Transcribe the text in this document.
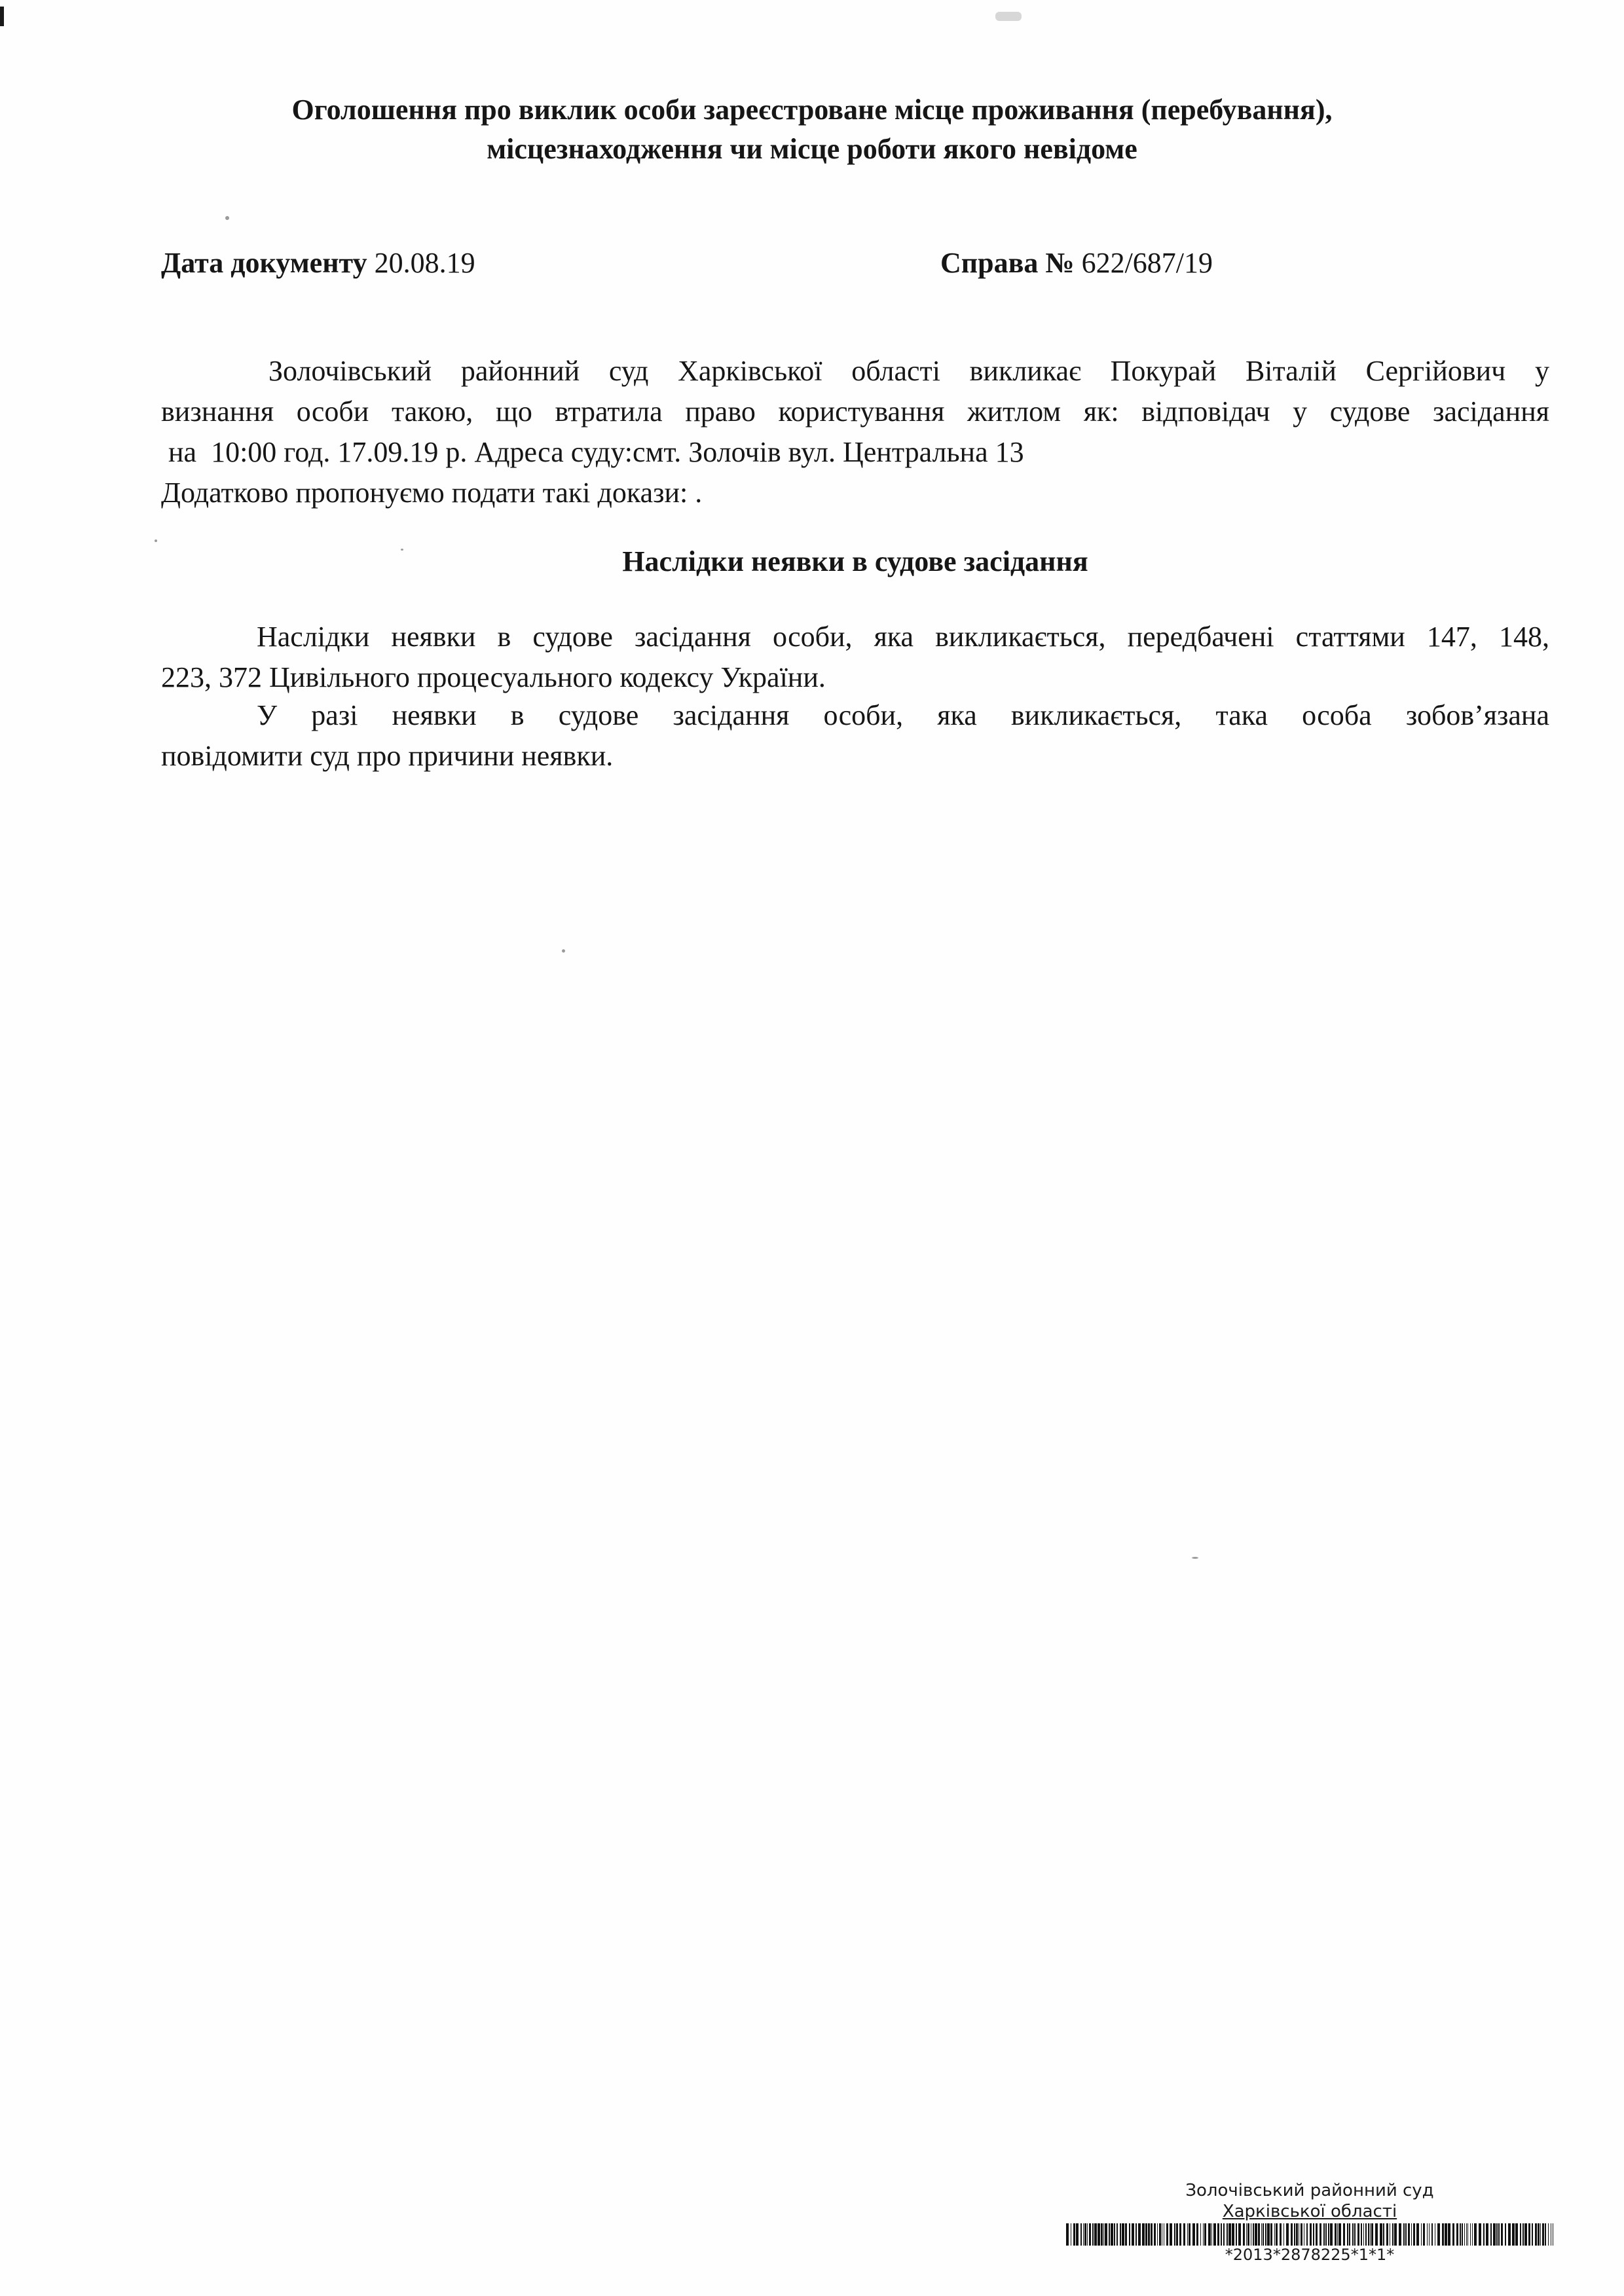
Оголошення про виклик особи зареєстроване місце проживання (перебування),
місцезнаходження чи місце роботи якого невідоме
Дата документу 20.08.19	Справа № 622/687/19
Золочівський районний суд Харківської області викликає Покурай Віталій Сергійович у
визнання особи такою, що втратила право користування житлом як: відповідач у судове засідання
на  10:00 год. 17.09.19 р. Адреса суду:смт. Золочів вул. Центральна 13
Додатково пропонуємо подати такі докази: .
Наслідки неявки в судове засідання
Наслідки неявки в судове засідання особи, яка викликається, передбачені статтями 147, 148,
223, 372 Цивільного процесуального кодексу України.
У разі неявки в судове засідання особи, яка викликається, така особа зобов’язана
повідомити суд про причини неявки.
Золочівський районний суд
Харківської області
*2013*2878225*1*1*
